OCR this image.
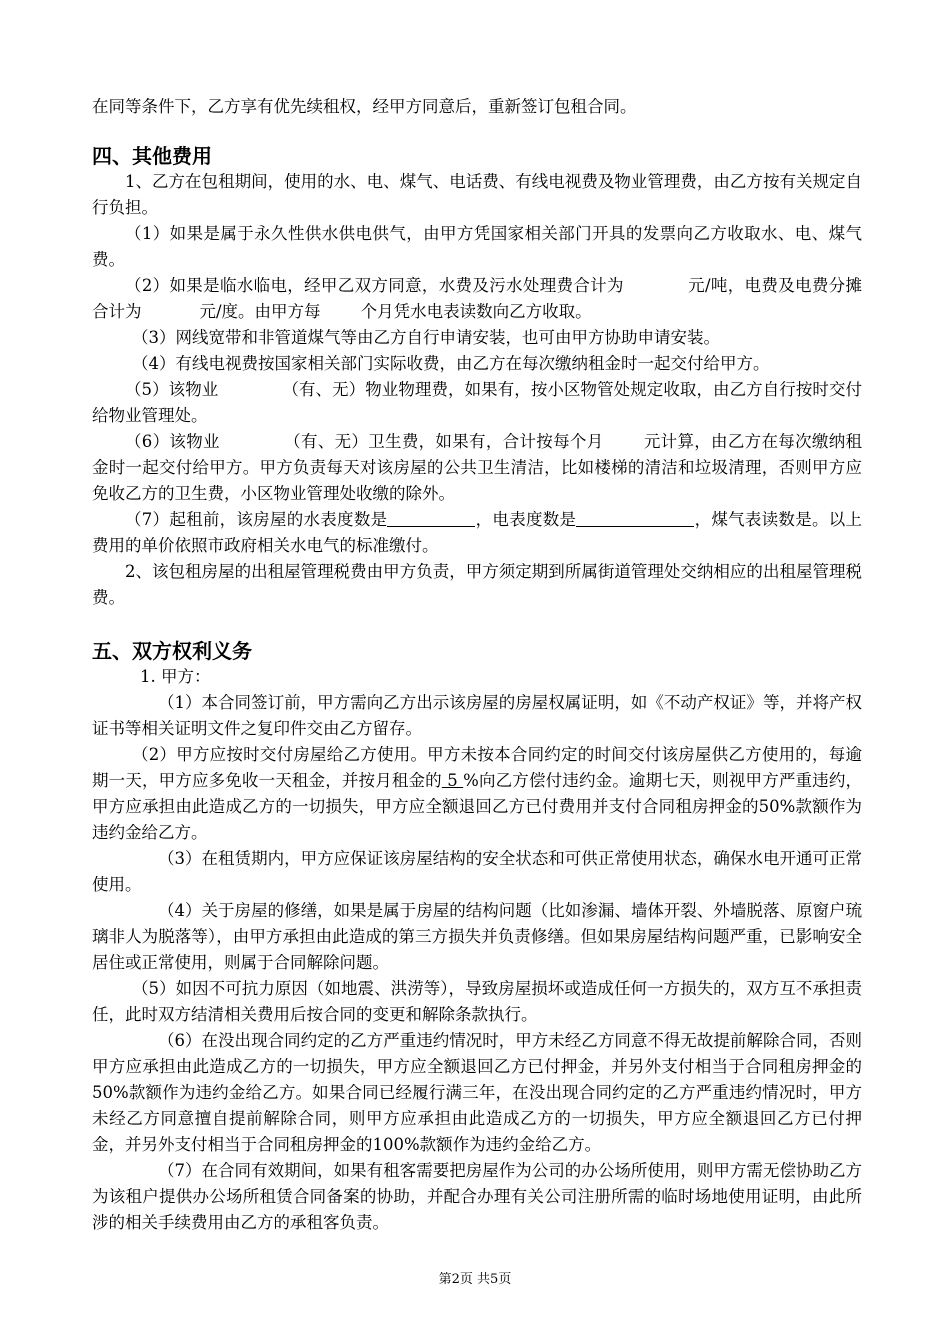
在同等条件下，乙方享有优先续租权，经甲方同意后，重新签订包租合同。

四、其他费用

1、乙方在包租期间，使用的水、电、煤气、电话费、有线电视费及物业管理费，由乙方按有关规定自行负担。

（1）如果是属于永久性供水供电供气，由甲方凭国家相关部门开具的发票向乙方收取水、电、煤气费。

（2）如果是临水临电，经甲乙双方同意，水费及污水处理费合计为	元/吨，电费及电费分摊合计为	元/度。由甲方每 个月凭水电表读数向乙方收取。

（3）网线宽带和非管道煤气等由乙方自行申请安装，也可由甲方协助申请安装。

（4）有线电视费按国家相关部门实际收费，由乙方在每次缴纳租金时一起交付给甲方。

（5）该物业	（有、无）物业物理费，如果有，按小区物管处规定收取，由乙方自行按时交付给物业管理处。

（6）该物业	（有、无）卫生费，如果有，合计按每个月 元计算，由乙方在每次缴纳租金时一起交付给甲方。甲方负责每天对该房屋的公共卫生清洁，比如楼梯的清洁和垃圾清理，否则甲方应免收乙方的卫生费，小区物业管理处收缴的除外。

（7）起租前，该房屋的水表度数是	，电表度数是	，煤气表读数是。以上费用的单价依照市政府相关水电气的标准缴付。

2、该包租房屋的出租屋管理税费由甲方负责，甲方须定期到所属街道管理处交纳相应的出租屋管理税费。

五、双方权利义务

1. 甲方：

（1）本合同签订前，甲方需向乙方出示该房屋的房屋权属证明，如《不动产权证》等，并将产权证书等相关证明文件之复印件交由乙方留存。

（2）甲方应按时交付房屋给乙方使用。甲方未按本合同约定的时间交付该房屋供乙方使用的，每逾期一天，甲方应多免收一天租金，并按月租金的 5 %向乙方偿付违约金。逾期七天，则视甲方严重违约，甲方应承担由此造成乙方的一切损失，甲方应全额退回乙方已付费用并支付合同租房押金的50%款额作为违约金给乙方。

（3）在租赁期内，甲方应保证该房屋结构的安全状态和可供正常使用状态，确保水电开通可正常使用。

（4）关于房屋的修缮，如果是属于房屋的结构问题（比如渗漏、墙体开裂、外墙脱落、原窗户琉璃非人为脱落等），由甲方承担由此造成的第三方损失并负责修缮。但如果房屋结构问题严重，已影响安全居住或正常使用，则属于合同解除问题。

（5）如因不可抗力原因（如地震、洪涝等），导致房屋损坏或造成任何一方损失的，双方互不承担责任，此时双方结清相关费用后按合同的变更和解除条款执行。

（6）在没出现合同约定的乙方严重违约情况时，甲方未经乙方同意不得无故提前解除合同，否则甲方应承担由此造成乙方的一切损失，甲方应全额退回乙方已付押金，并另外支付相当于合同租房押金的50%款额作为违约金给乙方。如果合同已经履行满三年，在没出现合同约定的乙方严重违约情况时，甲方未经乙方同意擅自提前解除合同，则甲方应承担由此造成乙方的一切损失，甲方应全额退回乙方已付押金，并另外支付相当于合同租房押金的100%款额作为违约金给乙方。

（7）在合同有效期间，如果有租客需要把房屋作为公司的办公场所使用，则甲方需无偿协助乙方为该租户提供办公场所租赁合同备案的协助，并配合办理有关公司注册所需的临时场地使用证明，由此所涉的相关手续费用由乙方的承租客负责。

第2页 共5页
